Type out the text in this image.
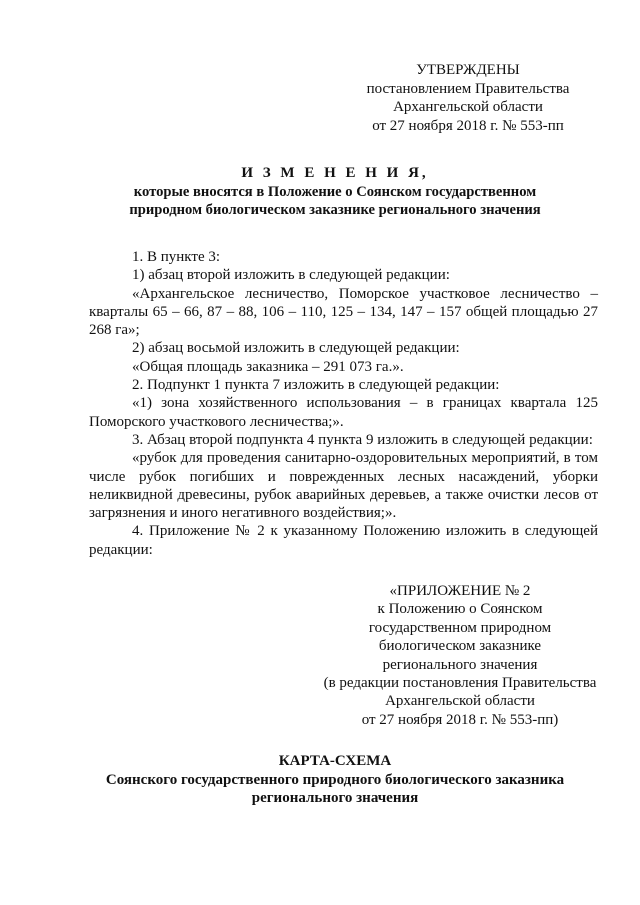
УТВЕРЖДЕНЫ
постановлением Правительства
Архангельской области
от 27 ноября 2018 г. № 553-пп
И З М Е Н Е Н И Я,
которые вносятся в Положение о Соянском государственном
природном биологическом заказнике регионального значения

1. В пункте 3:

1) абзац второй изложить в следующей редакции:

«Архангельское лесничество, Поморское участковое лесничество – кварталы 65 – 66, 87 – 88, 106 – 110, 125 – 134, 147 – 157 общей площадью 27 268 га»;

2) абзац восьмой изложить в следующей редакции:

«Общая площадь заказника – 291 073 га.».

2. Подпункт 1 пункта 7 изложить в следующей редакции:

«1) зона хозяйственного использования – в границах квартала 125 Поморского участкового лесничества;».

3. Абзац второй подпункта 4 пункта 9 изложить в следующей редакции:

«рубок для проведения санитарно-оздоровительных мероприятий, в том числе рубок погибших и поврежденных лесных насаждений, уборки неликвидной древесины, рубок аварийных деревьев, а также очистки лесов от загрязнения и иного негативного воздействия;».

4. Приложение № 2 к указанному Положению изложить в следующей редакции:

«ПРИЛОЖЕНИЕ № 2
к Положению о Соянском
государственном природном
биологическом заказнике
регионального значения
(в редакции постановления Правительства
Архангельской области
от 27 ноября 2018 г. № 553-пп)
КАРТА-СХЕМА
Соянского государственного природного биологического заказника
регионального значения
